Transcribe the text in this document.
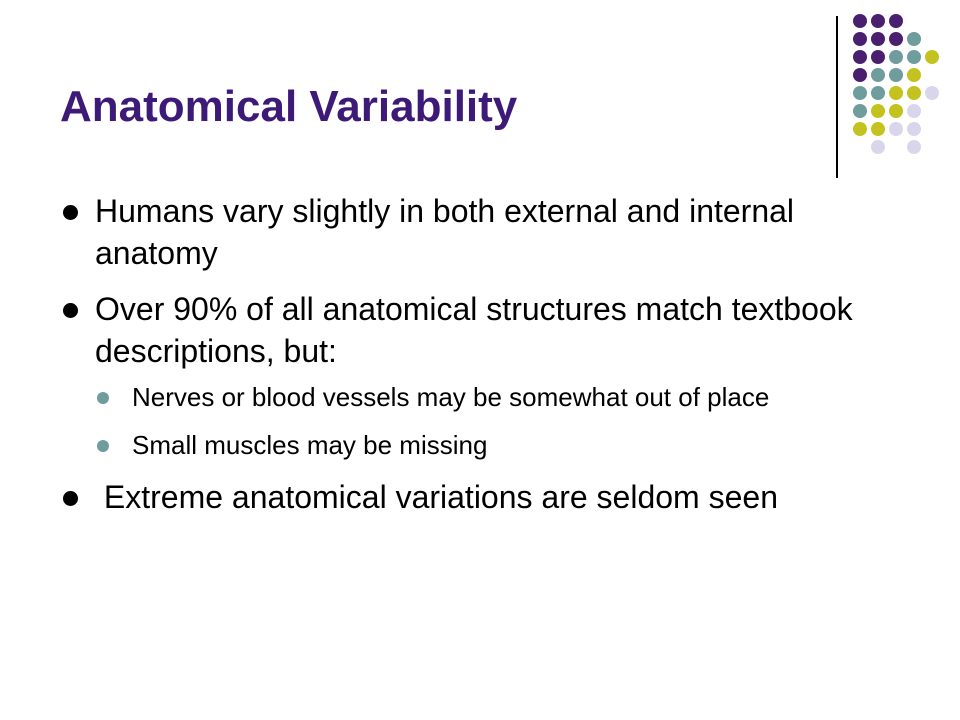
Anatomical Variability
Humans vary slightly in both external and internal anatomy
Over 90% of all anatomical structures match textbook descriptions, but:
Nerves or blood vessels may be somewhat out of place
Small muscles may be missing
Extreme anatomical variations are seldom seen
